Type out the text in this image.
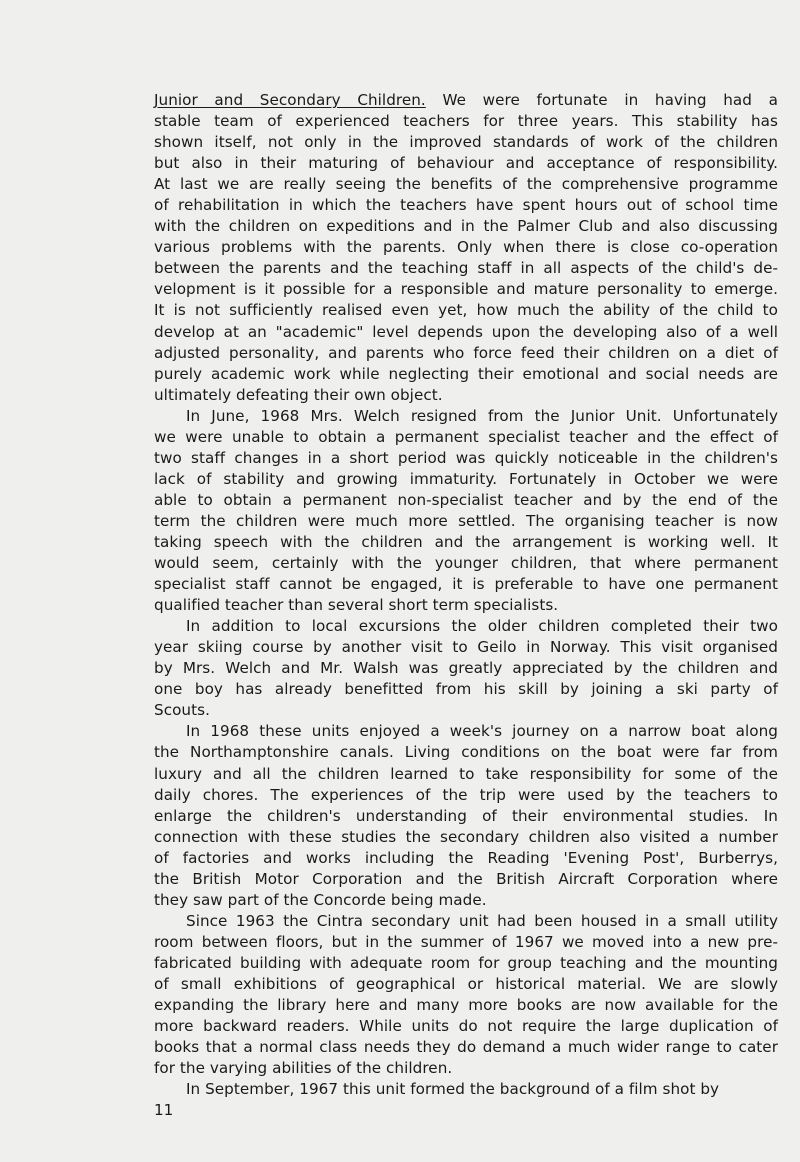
Junior and Secondary Children. We were fortunate in having had a
stable team of experienced teachers for three years. This stability has
shown itself, not only in the improved standards of work of the children
but also in their maturing of behaviour and acceptance of responsibility.
At last we are really seeing the benefits of the comprehensive programme
of rehabilitation in which the teachers have spent hours out of school time
with the children on expeditions and in the Palmer Club and also discussing
various problems with the parents. Only when there is close co-operation
between the parents and the teaching staff in all aspects of the child's de-
velopment is it possible for a responsible and mature personality to emerge.
It is not sufficiently realised even yet, how much the ability of the child to
develop at an "academic" level depends upon the developing also of a well
adjusted personality, and parents who force feed their children on a diet of
purely academic work while neglecting their emotional and social needs are
ultimately defeating their own object.
In June, 1968 Mrs. Welch resigned from the Junior Unit. Unfortunately
we were unable to obtain a permanent specialist teacher and the effect of
two staff changes in a short period was quickly noticeable in the children's
lack of stability and growing immaturity. Fortunately in October we were
able to obtain a permanent non-specialist teacher and by the end of the
term the children were much more settled. The organising teacher is now
taking speech with the children and the arrangement is working well. It
would seem, certainly with the younger children, that where permanent
specialist staff cannot be engaged, it is preferable to have one permanent
qualified teacher than several short term specialists.
In addition to local excursions the older children completed their two
year skiing course by another visit to Geilo in Norway. This visit organised
by Mrs. Welch and Mr. Walsh was greatly appreciated by the children and
one boy has already benefitted from his skill by joining a ski party of
Scouts.
In 1968 these units enjoyed a week's journey on a narrow boat along
the Northamptonshire canals. Living conditions on the boat were far from
luxury and all the children learned to take responsibility for some of the
daily chores. The experiences of the trip were used by the teachers to
enlarge the children's understanding of their environmental studies. In
connection with these studies the secondary children also visited a number
of factories and works including the Reading 'Evening Post', Burberrys,
the British Motor Corporation and the British Aircraft Corporation where
they saw part of the Concorde being made.
Since 1963 the Cintra secondary unit had been housed in a small utility
room between floors, but in the summer of 1967 we moved into a new pre-
fabricated building with adequate room for group teaching and the mounting
of small exhibitions of geographical or historical material. We are slowly
expanding the library here and many more books are now available for the
more backward readers. While units do not require the large duplication of
books that a normal class needs they do demand a much wider range to cater
for the varying abilities of the children.
In September, 1967 this unit formed the background of a film shot by
11
